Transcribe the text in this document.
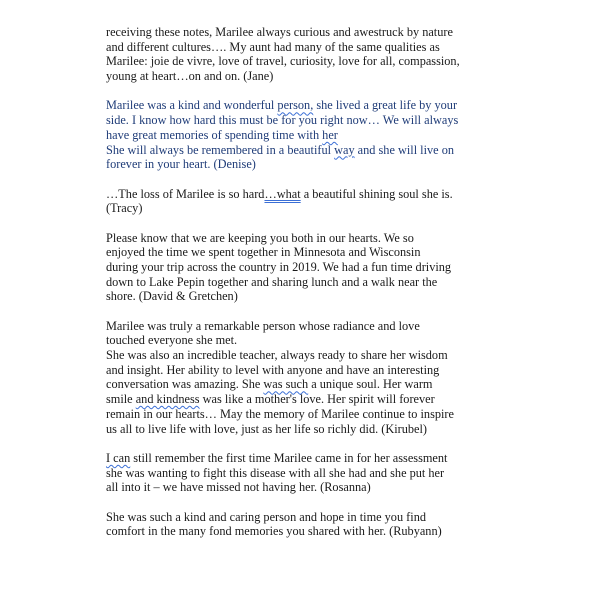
receiving these notes, Marilee always curious and awestruck by nature
and different cultures…. My aunt had many of the same qualities as
Marilee: joie de vivre, love of travel, curiosity, love for all, compassion,
young at heart…on and on. (Jane)
Marilee was a kind and wonderful person, she lived a great life by your
side. I know how hard this must be for you right now… We will always
have great memories of spending time with her
She will always be remembered in a beautiful way and she will live on
forever in your heart. (Denise)
…The loss of Marilee is so hard…what a beautiful shining soul she is.
(Tracy)
Please know that we are keeping you both in our hearts. We so
enjoyed the time we spent together in Minnesota and Wisconsin
during your trip across the country in 2019. We had a fun time driving
down to Lake Pepin together and sharing lunch and a walk near the
shore. (David & Gretchen)
Marilee was truly a remarkable person whose radiance and love
touched everyone she met.
She was also an incredible teacher, always ready to share her wisdom
and insight. Her ability to level with anyone and have an interesting
conversation was amazing. She was such a unique soul. Her warm
smile and kindness was like a mother's love. Her spirit will forever
remain in our hearts… May the memory of Marilee continue to inspire
us all to live life with love, just as her life so richly did. (Kirubel)
I can still remember the first time Marilee came in for her assessment
she was wanting to fight this disease with all she had and she put her
all into it – we have missed not having her. (Rosanna)
She was such a kind and caring person and hope in time you find
comfort in the many fond memories you shared with her. (Rubyann)
